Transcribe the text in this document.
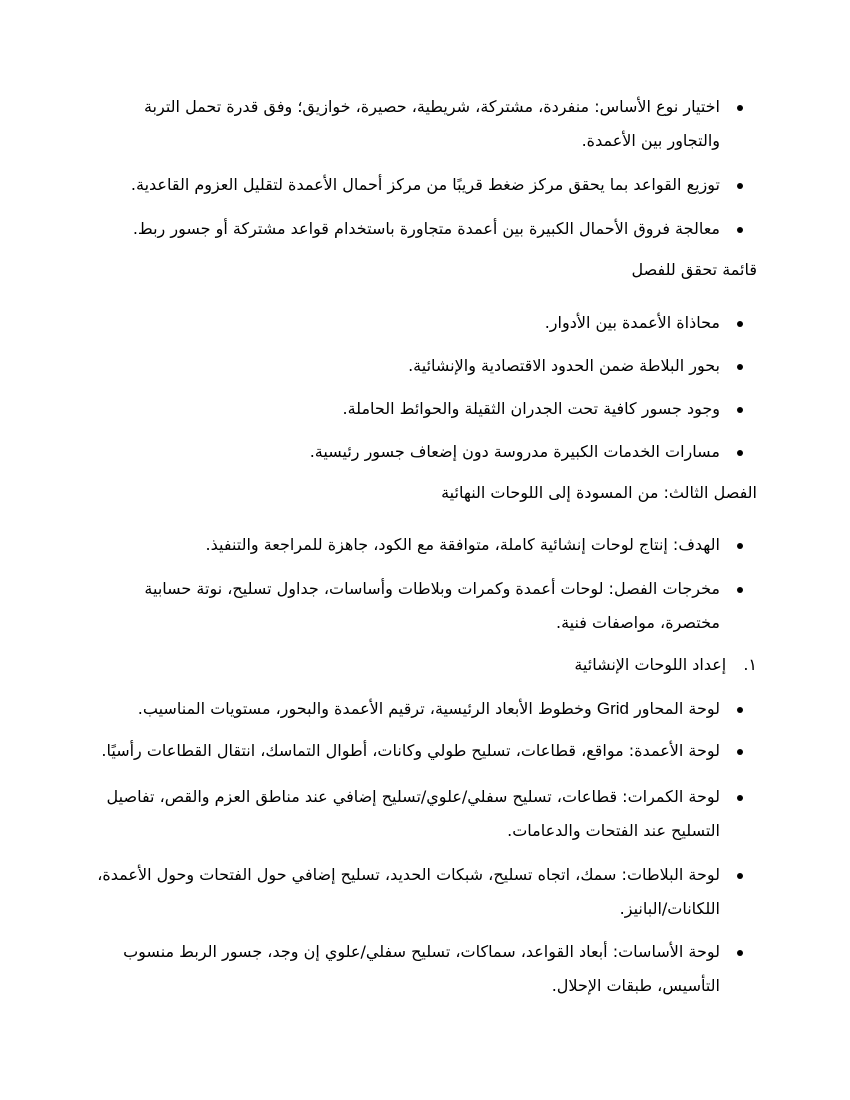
اختيار نوع الأساس: منفردة، مشتركة، شريطية، حصيرة، خوازيق؛ وفق قدرة تحمل التربة والتجاور بين الأعمدة.
توزيع القواعد بما يحقق مركز ضغط قريبًا من مركز أحمال الأعمدة لتقليل العزوم القاعدية.
معالجة فروق الأحمال الكبيرة بين أعمدة متجاورة باستخدام قواعد مشتركة أو جسور ربط.
قائمة تحقق للفصل
محاذاة الأعمدة بين الأدوار.
بحور البلاطة ضمن الحدود الاقتصادية والإنشائية.
وجود جسور كافية تحت الجدران الثقيلة والحوائط الحاملة.
مسارات الخدمات الكبيرة مدروسة دون إضعاف جسور رئيسية.
الفصل الثالث: من المسودة إلى اللوحات النهائية
الهدف: إنتاج لوحات إنشائية كاملة، متوافقة مع الكود، جاهزة للمراجعة والتنفيذ.
مخرجات الفصل: لوحات أعمدة وكمرات وبلاطات وأساسات، جداول تسليح، نوتة حسابية مختصرة، مواصفات فنية.
١. إعداد اللوحات الإنشائية
لوحة المحاور Grid وخطوط الأبعاد الرئيسية، ترقيم الأعمدة والبحور، مستويات المناسيب.
لوحة الأعمدة: مواقع، قطاعات، تسليح طولي وكانات، أطوال التماسك، انتقال القطاعات رأسيًا.
لوحة الكمرات: قطاعات، تسليح سفلي/علوي/تسليح إضافي عند مناطق العزم والقص، تفاصيل التسليح عند الفتحات والدعامات.
لوحة البلاطات: سمك، اتجاه تسليح، شبكات الحديد، تسليح إضافي حول الفتحات وحول الأعمدة، اللكانات/البانيز.
لوحة الأساسات: أبعاد القواعد، سماكات، تسليح سفلي/علوي إن وجد، جسور الربط منسوب التأسيس، طبقات الإحلال.
